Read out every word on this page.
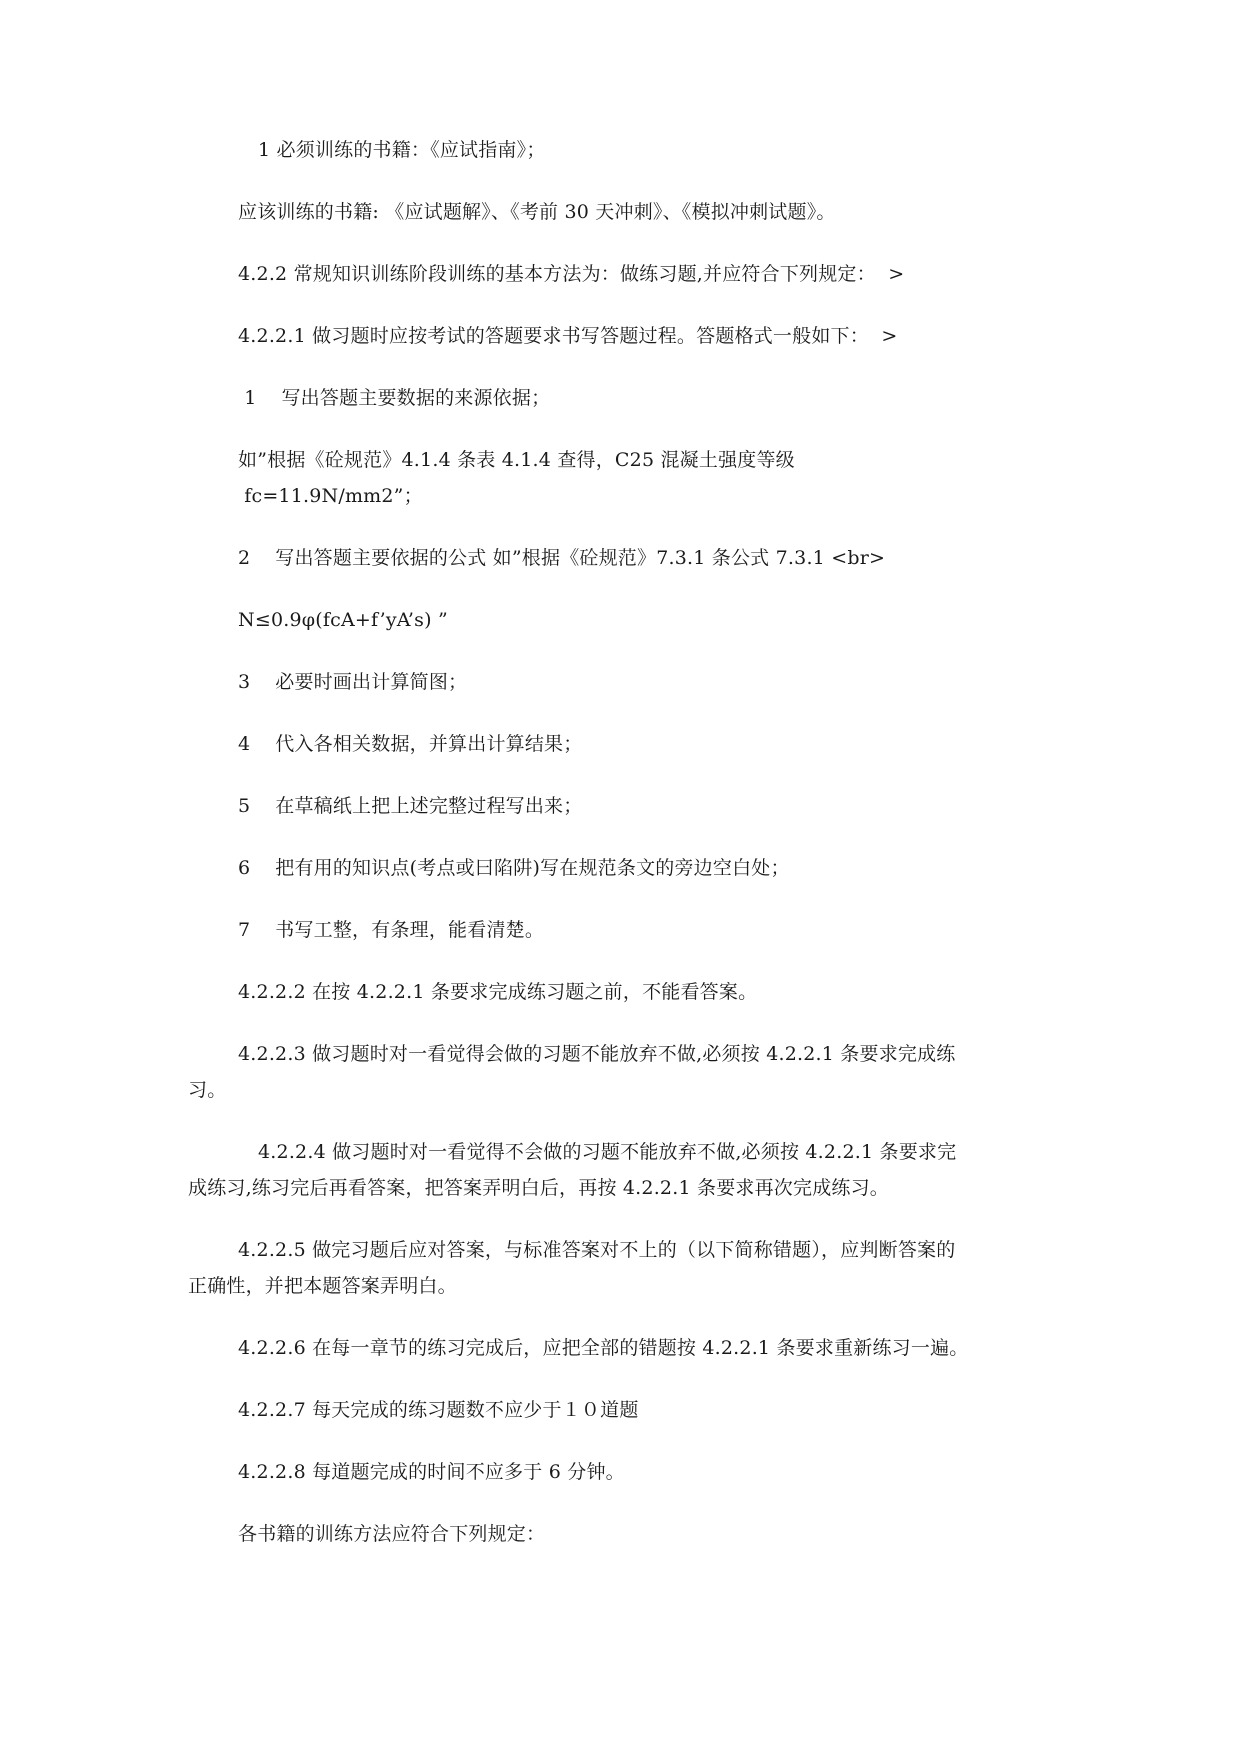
1 必须训练的书籍：《应试指南》；

应该训练的书籍: 《应试题解》、《考前 30 天冲刺》、《模拟冲刺试题》。

4.2.2 常规知识训练阶段训练的基本方法为：做练习题,并应符合下列规定：  >

4.2.2.1 做习题时应按考试的答题要求书写答题过程。答题格式一般如下：  >

1    写出答题主要数据的来源依据；

如”根据《砼规范》4.1.4 条表 4.1.4 查得，C25 混凝土强度等级

fc=11.9N/mm2”；

2    写出答题主要依据的公式 如”根据《砼规范》7.3.1 条公式 7.3.1 <br>

N≤0.9φ(fcA+f’yA’s) ”

3    必要时画出计算简图；

4    代入各相关数据，并算出计算结果；

5    在草稿纸上把上述完整过程写出来；

6    把有用的知识点(考点或曰陷阱)写在规范条文的旁边空白处；

7    书写工整，有条理，能看清楚。

4.2.2.2 在按 4.2.2.1 条要求完成练习题之前，不能看答案。

4.2.2.3 做习题时对一看觉得会做的习题不能放弃不做,必须按 4.2.2.1 条要求完成练

习。

4.2.2.4 做习题时对一看觉得不会做的习题不能放弃不做,必须按 4.2.2.1 条要求完

成练习,练习完后再看答案，把答案弄明白后，再按 4.2.2.1 条要求再次完成练习。

4.2.2.5 做完习题后应对答案，与标准答案对不上的（以下简称错题），应判断答案的

正确性，并把本题答案弄明白。

4.2.2.6 在每一章节的练习完成后，应把全部的错题按 4.2.2.1 条要求重新练习一遍。

4.2.2.7 每天完成的练习题数不应少于１０道题

4.2.2.8 每道题完成的时间不应多于 6 分钟。

各书籍的训练方法应符合下列规定：
